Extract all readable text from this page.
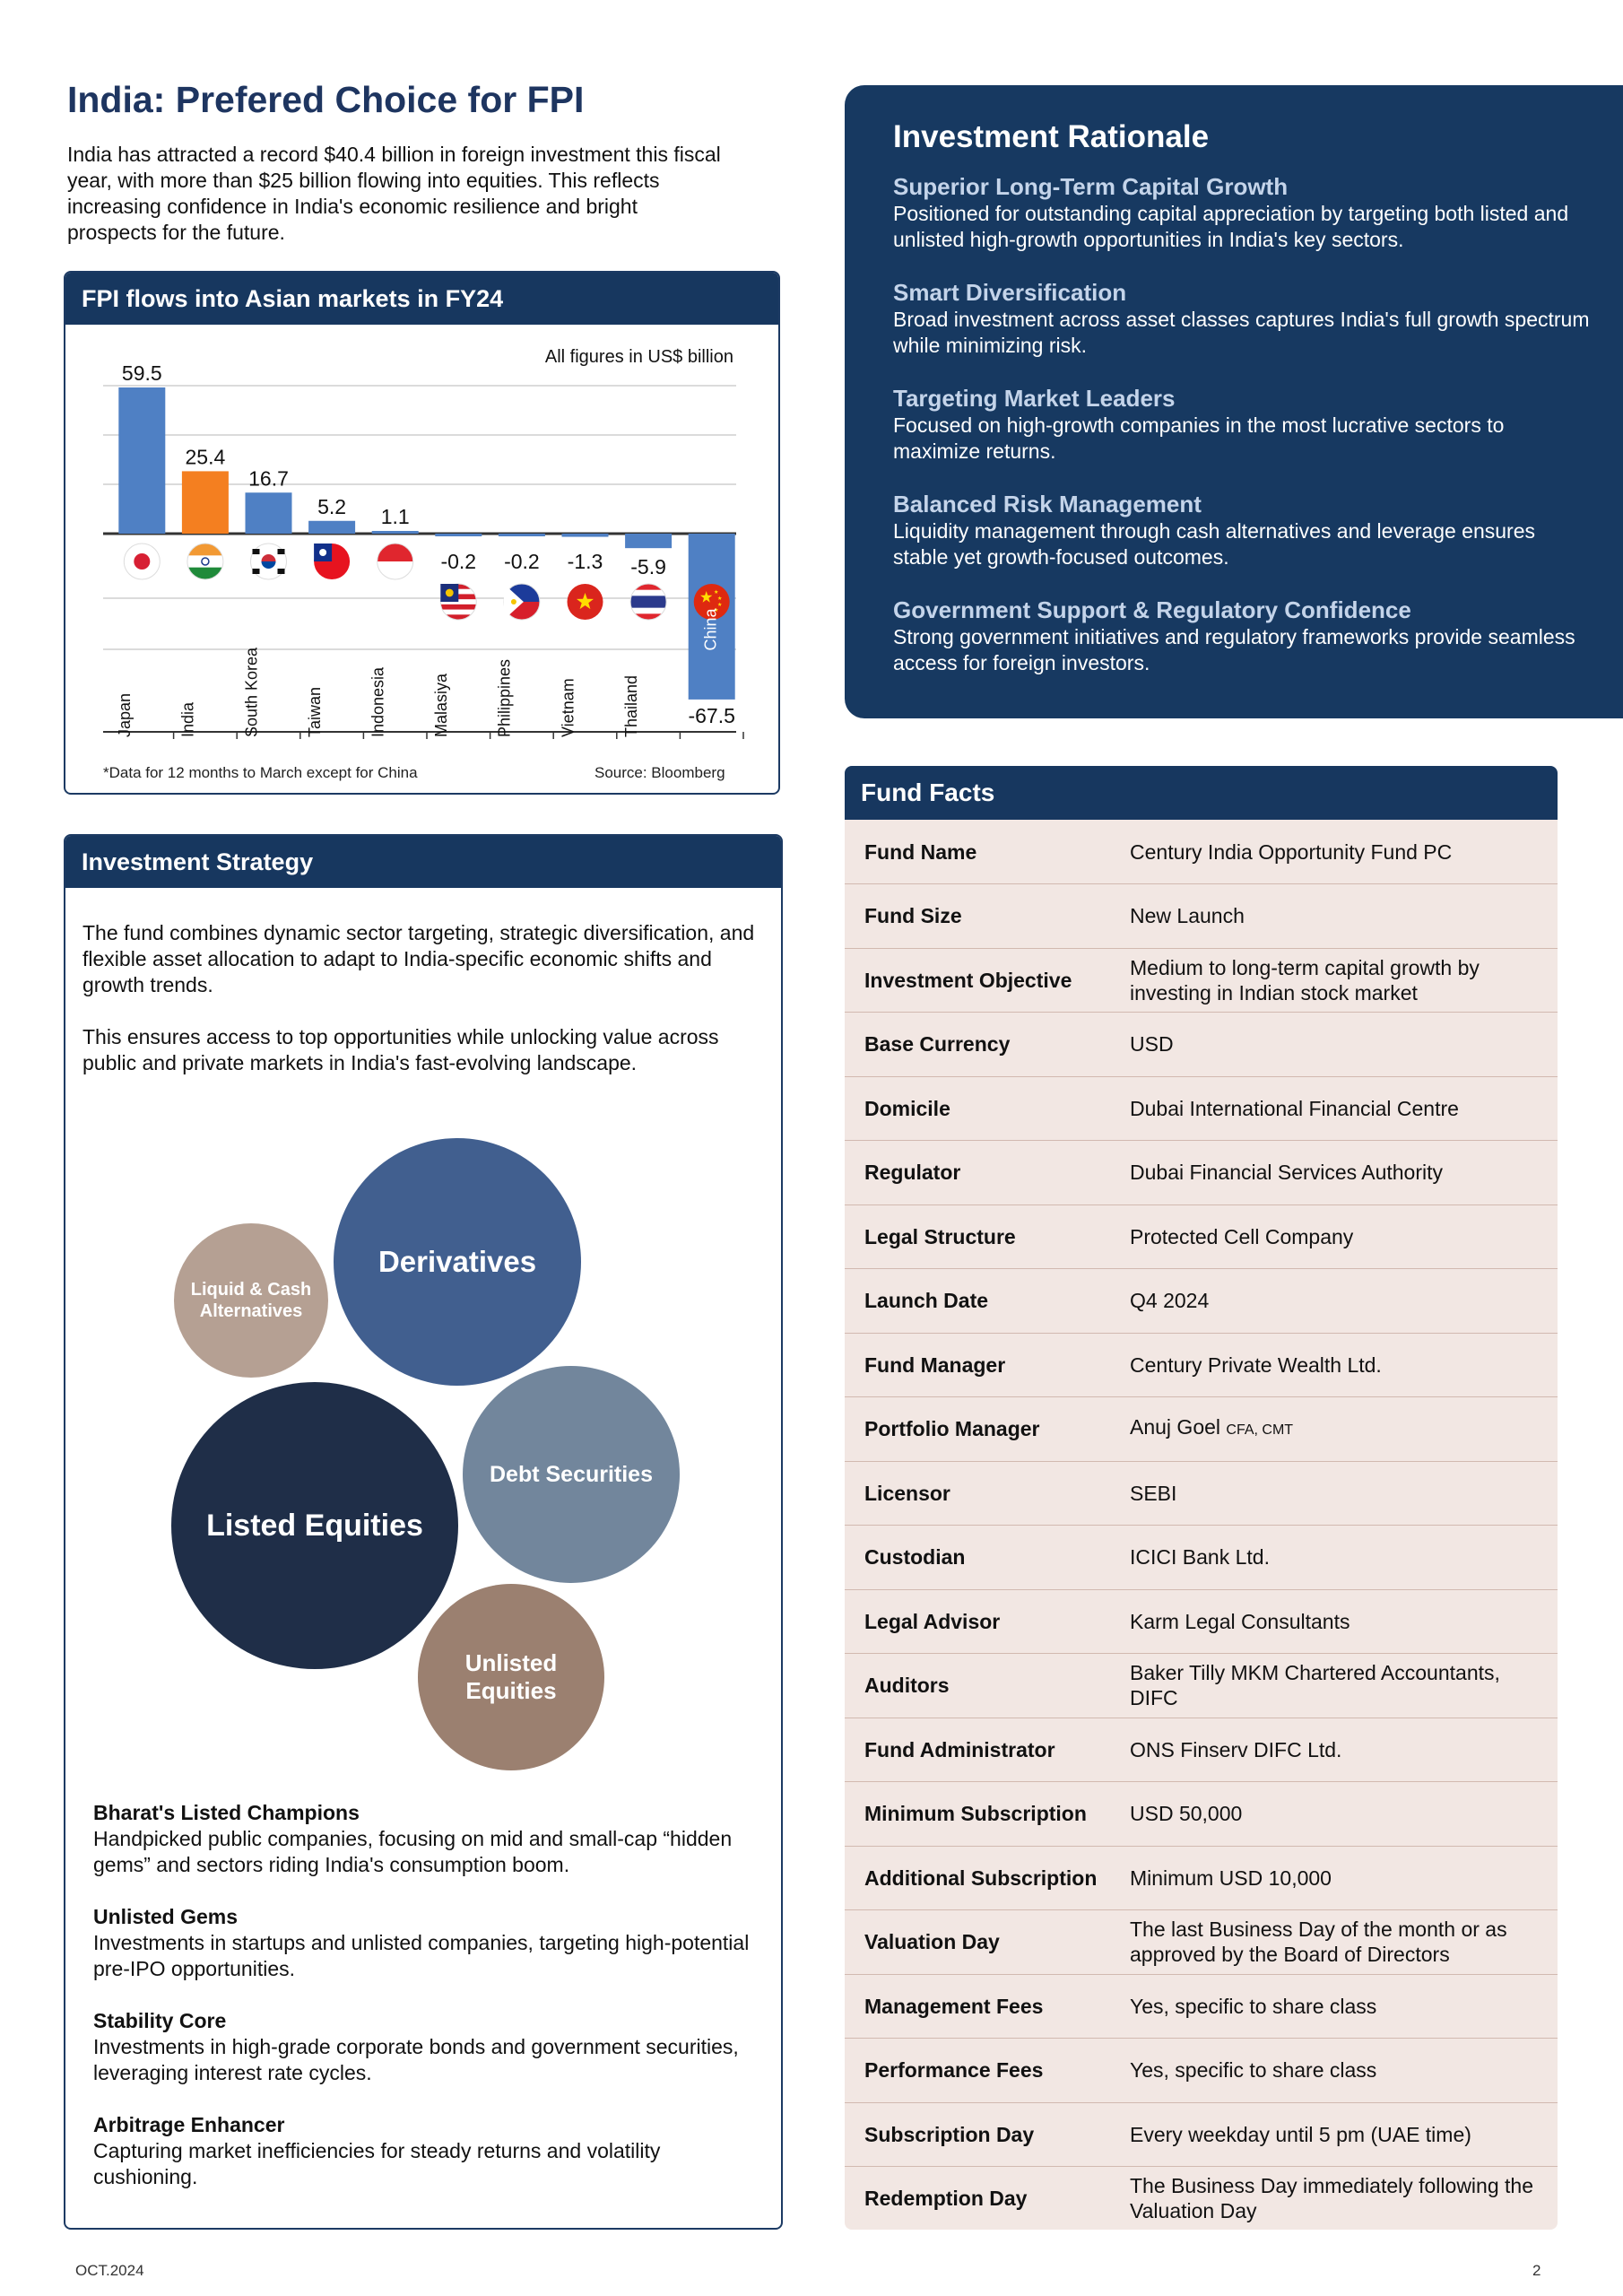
India: Prefered Choice for FPI
India has attracted a record $40.4 billion in foreign investment this fiscal year, with more than $25 billion flowing into equities. This reflects increasing confidence in India's economic resilience and bright prospects for the future.
FPI flows into Asian markets in FY24
All figures in US$ billion
59.5
Japan
25.4
India
16.7
South Korea
5.2
Taiwan
1.1
Indonesia
-0.2
Malasiya
-0.2
Philippines
-1.3
Vietnam
-5.9
Thailand -67.5
China
*Data for 12 months to March except for China	Source: Bloomberg
Investment Strategy
The fund combines dynamic sector targeting, strategic diversification, and flexible asset allocation to adapt to India-specific economic shifts and growth trends.
This ensures access to top opportunities while unlocking value across public and private markets in India's fast-evolving landscape.
Liquid & Cash Alternatives
Derivatives
Listed Equities
Debt Securities
Unlisted Equities
Bharat's Listed Champions
Handpicked public companies, focusing on mid and small-cap “hidden gems” and sectors riding India's consumption boom.
Unlisted Gems
Investments in startups and unlisted companies, targeting high-potential pre-IPO opportunities.
Stability Core
Investments in high-grade corporate bonds and government securities, leveraging interest rate cycles.
Arbitrage Enhancer
Capturing market inefficiencies for steady returns and volatility cushioning.
Investment Rationale
Superior Long-Term Capital Growth
Positioned for outstanding capital appreciation by targeting both listed and unlisted high-growth opportunities in India's key sectors.
Smart Diversification
Broad investment across asset classes captures India's full growth spectrum while minimizing risk.
Targeting Market Leaders
Focused on high-growth companies in the most lucrative sectors to maximize returns.
Balanced Risk Management
Liquidity management through cash alternatives and leverage ensures stable yet growth-focused outcomes.
Government Support & Regulatory Confidence
Strong government initiatives and regulatory frameworks provide seamless access for foreign investors.
Fund Facts
Fund Name	Century India Opportunity Fund PC
Fund Size	New Launch
Investment Objective	Medium to long-term capital growth by investing in Indian stock market
Base Currency	USD
Domicile	Dubai International Financial Centre
Regulator	Dubai Financial Services Authority
Legal Structure	Protected Cell Company
Launch Date	Q4 2024
Fund Manager	Century Private Wealth Ltd.
Portfolio Manager	Anuj Goel CFA, CMT
Licensor	SEBI
Custodian	ICICI Bank Ltd.
Legal Advisor	Karm Legal Consultants
Auditors	Baker Tilly MKM Chartered Accountants, DIFC
Fund Administrator	ONS Finserv DIFC Ltd.
Minimum Subscription	USD 50,000
Additional Subscription	Minimum USD 10,000
Valuation Day	The last Business Day of the month or as approved by the Board of Directors
Management Fees	Yes, specific to share class
Performance Fees	Yes, specific to share class
Subscription Day	Every weekday until 5 pm (UAE time)
Redemption Day	The Business Day immediately following the Valuation Day
OCT.2024	2
